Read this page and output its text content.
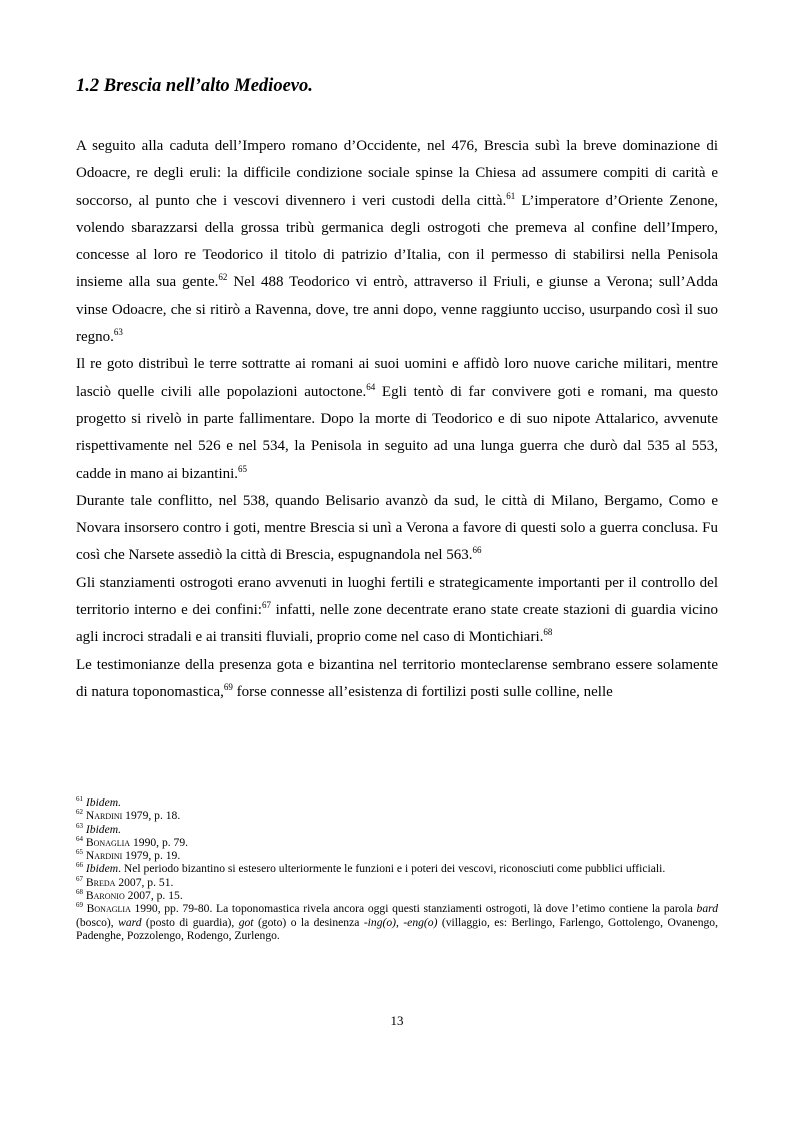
1.2 Brescia nell’alto Medioevo.

A seguito alla caduta dell’Impero romano d’Occidente, nel 476, Brescia subì la breve dominazione di Odoacre, re degli eruli: la difficile condizione sociale spinse la Chiesa ad assumere compiti di carità e soccorso, al punto che i vescovi divennero i veri custodi della città.$^{61}$ L’imperatore d’Oriente Zenone, volendo sbarazzarsi della grossa tribù germanica degli ostrogoti che premeva al confine dell’Impero, concesse al loro re Teodorico il titolo di patrizio d’Italia, con il permesso di stabilirsi nella Penisola insieme alla sua gente.$^{62}$ Nel 488 Teodorico vi entrò, attraverso il Friuli, e giunse a Verona; sull’Adda vinse Odoacre, che si ritirò a Ravenna, dove, tre anni dopo, venne raggiunto ucciso, usurpando così il suo regno.$^{63}$

Il re goto distribuì le terre sottratte ai romani ai suoi uomini e affidò loro nuove cariche militari, mentre lasciò quelle civili alle popolazioni autoctone.$^{64}$ Egli tentò di far convivere goti e romani, ma questo progetto si rivelò in parte fallimentare. Dopo la morte di Teodorico e di suo nipote Attalarico, avvenute rispettivamente nel 526 e nel 534, la Penisola in seguito ad una lunga guerra che durò dal 535 al 553, cadde in mano ai bizantini.$^{65}$

Durante tale conflitto, nel 538, quando Belisario avanzò da sud, le città di Milano, Bergamo, Como e Novara insorsero contro i goti, mentre Brescia si unì a Verona a favore di questi solo a guerra conclusa. Fu così che Narsete assediò la città di Brescia, espugnandola nel 563.66

Gli stanziamenti ostrogoti erano avvenuti in luoghi fertili e strategicamente importanti per il controllo del territorio interno e dei confini:$^{67}$ infatti, nelle zone decentrate erano state create stazioni di guardia vicino agli incroci stradali e ai transiti fluviali, proprio come nel caso di Montichiari.$^{68}$

Le testimonianze della presenza gota e bizantina nel territorio monteclarense sembrano essere solamente di natura toponomastica,$^{69}$ forse connesse all’esistenza di fortilizi posti sulle colline, nelle

$^{61}$ Ibidem.
$^{62}$ Nardini 1979, p. 18.
$^{63}$ Ibidem.
$^{64}$ Bonaglia 1990, p. 79.
$^{65}$ Nardini 1979, p. 19.
$^{66}$ Ibidem. Nel periodo bizantino si estesero ulteriormente le funzioni e i poteri dei vescovi, riconosciuti come pubblici ufficiali.
$^{67}$ Breda 2007, p. 51.
$^{68}$ Baronio 2007, p. 15.
$^{69}$ Bonaglia 1990, pp. 79-80. La toponomastica rivela ancora oggi questi stanziamenti ostrogoti, là dove l’etimo contiene la parola bard (bosco), ward (posto di guardia), got (goto) o la desinenza -ing(o), -eng(o) (villaggio, es: Berlingo, Farlengo, Gottolengo, Ovanengo, Padenghe, Pozzolengo, Rodengo, Zurlengo.
13
